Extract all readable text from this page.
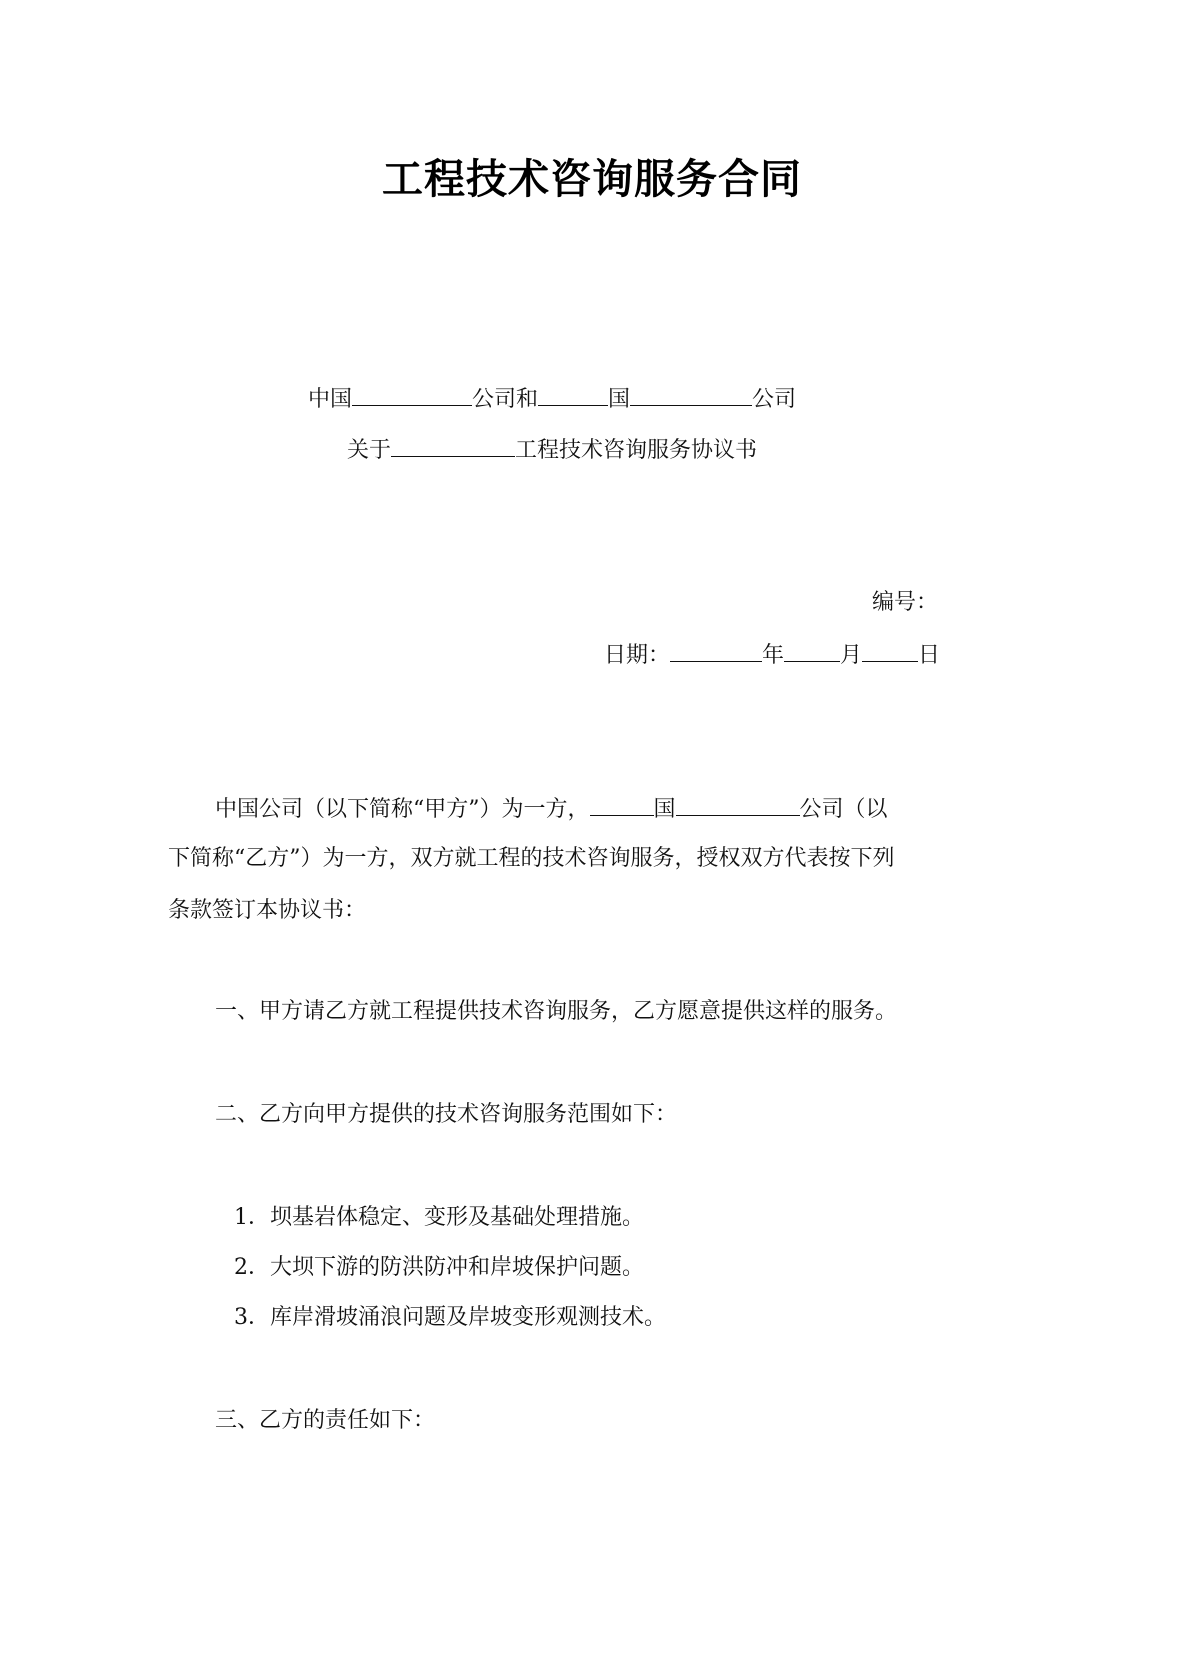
工程技术咨询服务合同
中国	公司和	国	公司
关于	工程技术咨询服务协议书
编号：
日期：	年	月	日
中国公司（以下简称“甲方”）为一方，	国	公司（以
下简称“乙方”）为一方，双方就工程的技术咨询服务，授权双方代表按下列
条款签订本协议书：
一、甲方请乙方就工程提供技术咨询服务，乙方愿意提供这样的服务。
二、乙方向甲方提供的技术咨询服务范围如下：
1．坝基岩体稳定、变形及基础处理措施。
2．大坝下游的防洪防冲和岸坡保护问题。
3．库岸滑坡涌浪问题及岸坡变形观测技术。
三、乙方的责任如下：
